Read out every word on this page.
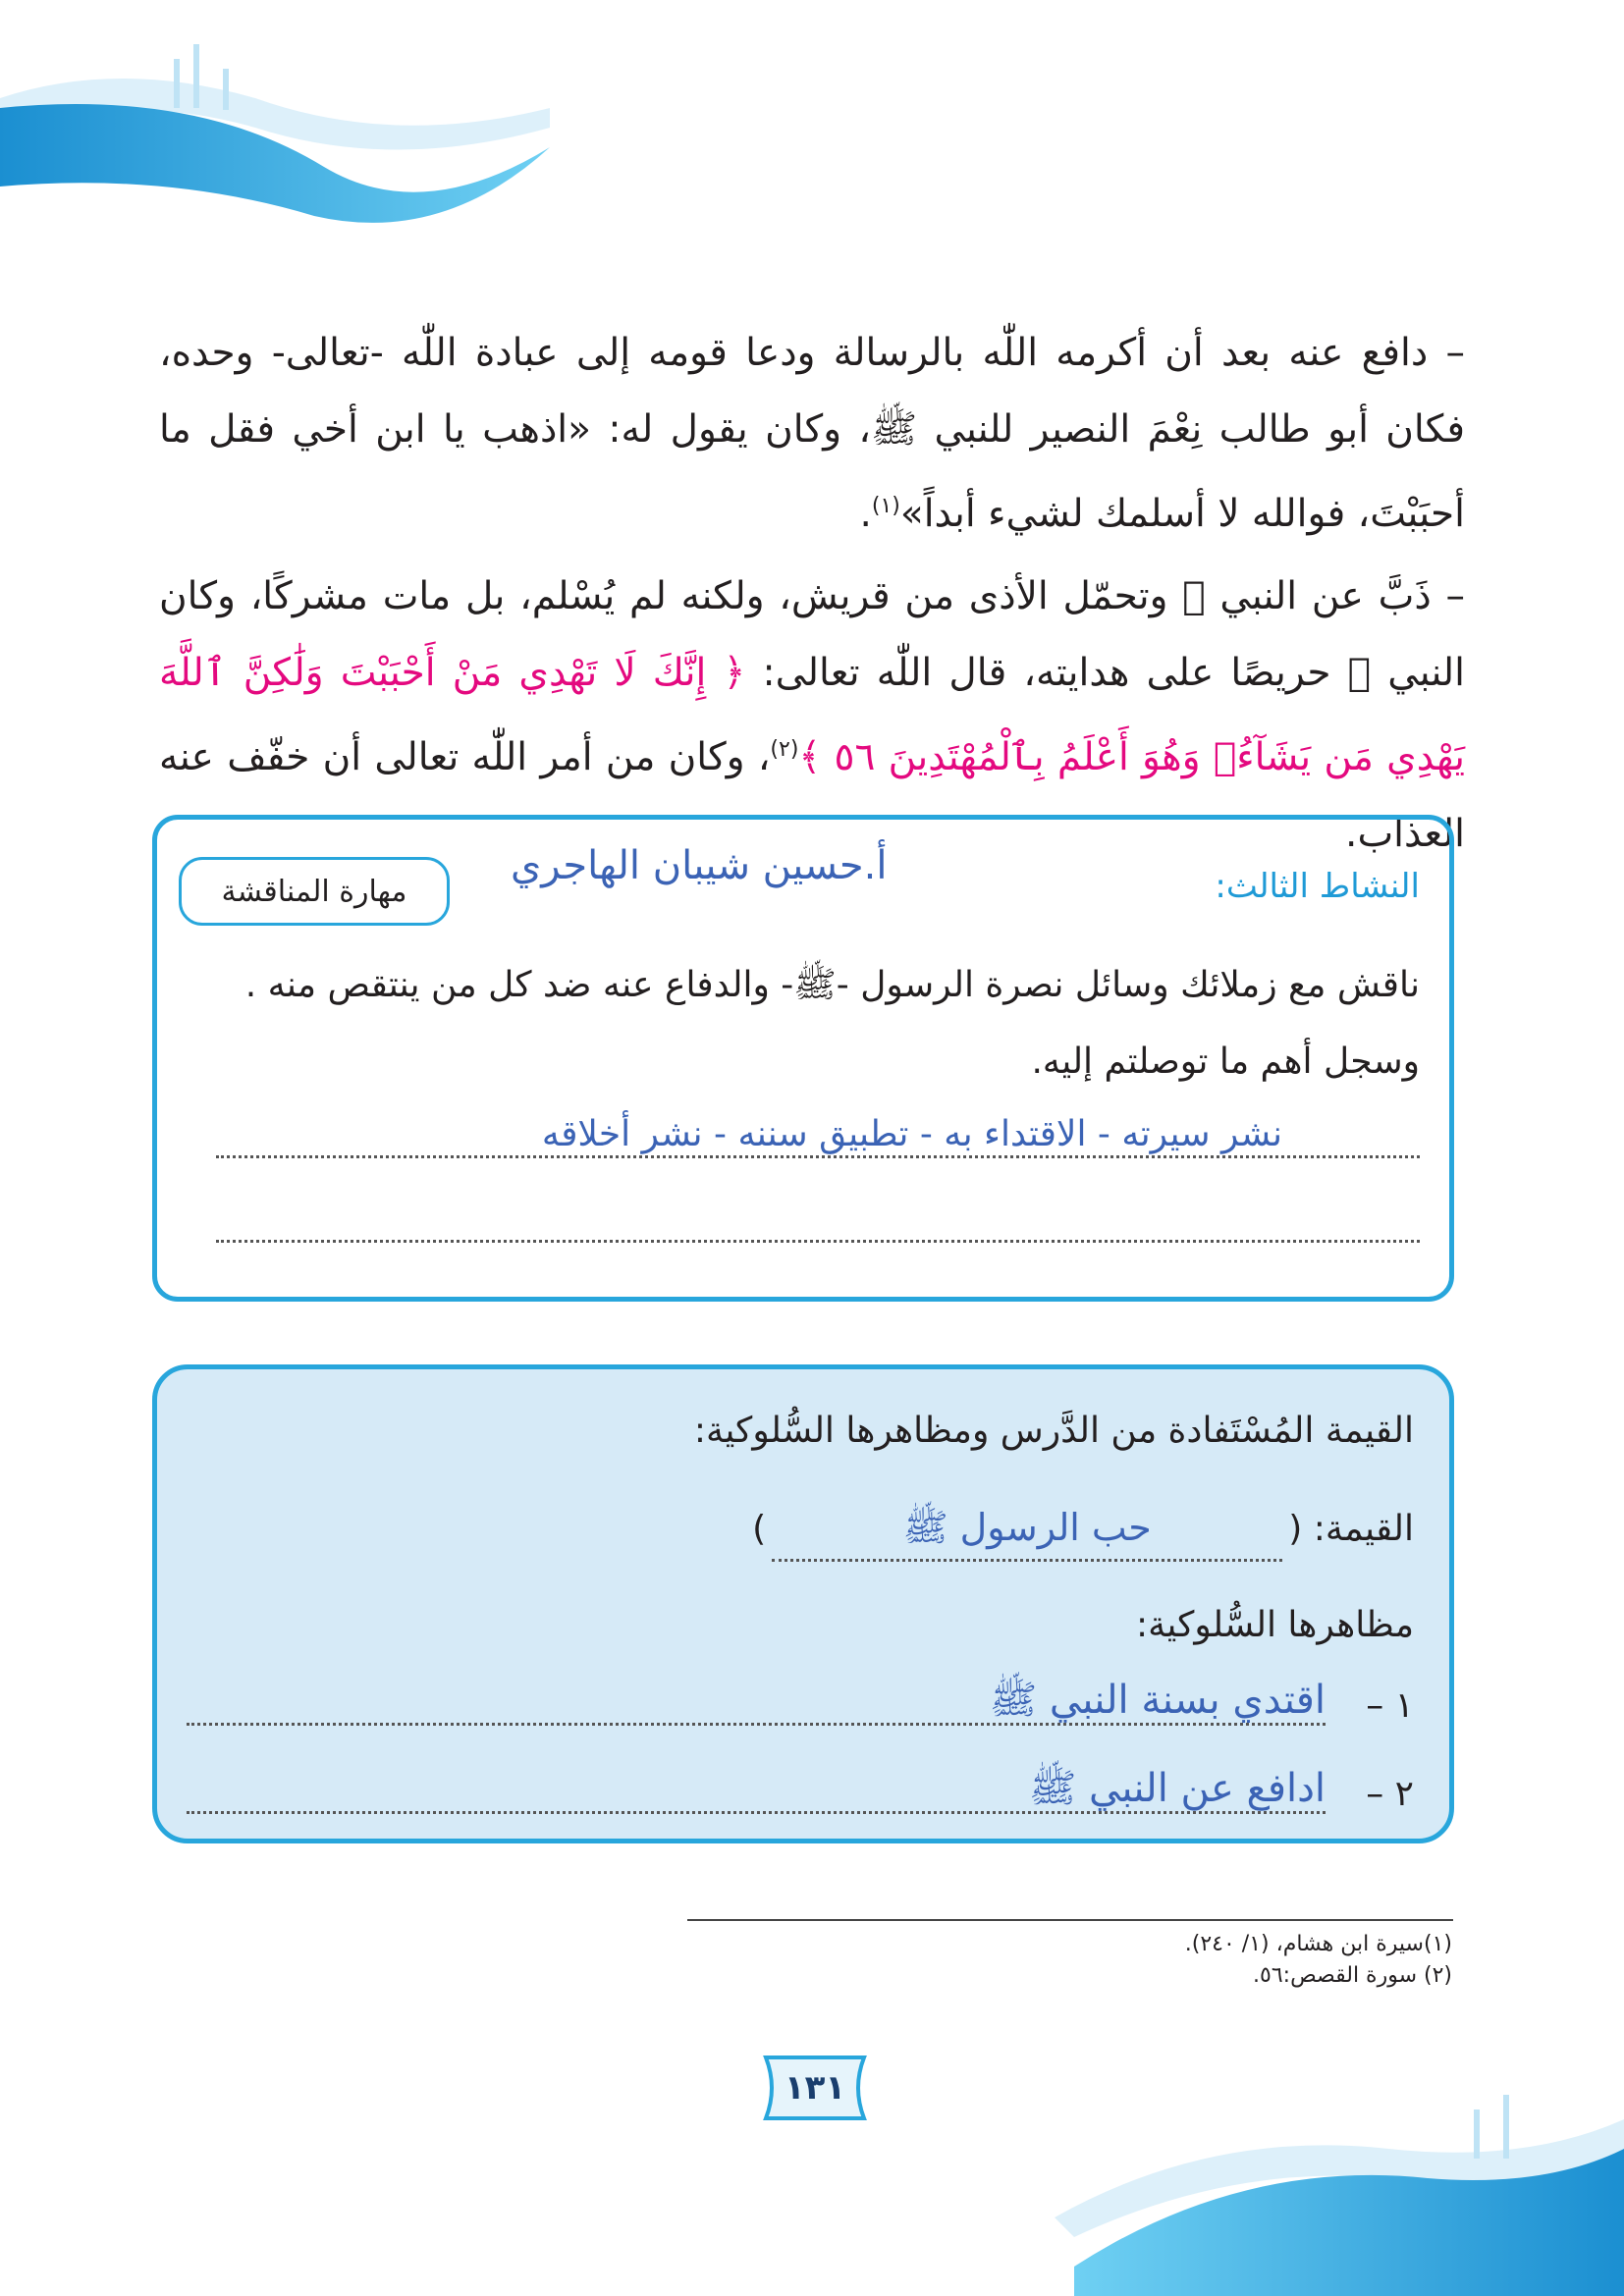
– دافع عنه بعد أن أكرمه اللّٰه بالرسالة ودعا قومه إلى عبادة اللّٰه -تعالى- وحده، فكان أبو طالب نِعْمَ النصير للنبي ﷺ، وكان يقول له: «اذهب يا ابن أخي فقل ما أحبَبْتَ، فوالله لا أسلمك لشيء أبداً»$^{(١)}$.

– ذَبَّ عن النبي ﷺ وتحمّل الأذى من قريش، ولكنه لم يُسْلم، بل مات مشركًا، وكان النبي ﷺ حريصًا على هدايته، قال اللّٰه تعالى: ﴿ إِنَّكَ لَا تَهْدِي مَنْ أَحْبَبْتَ وَلَٰكِنَّ ٱللَّهَ يَهْدِي مَن يَشَآءُۚ وَهُوَ أَعْلَمُ بِٱلْمُهْتَدِينَ ٥٦ ﴾$^{(٢)}$، وكان من أمر اللّٰه تعالى أن خفّف عنه العذاب.

النشاط الثالث:
أ.حسين شيبان الهاجري
مهارة المناقشة
ناقش مع زملائك وسائل نصرة الرسول -ﷺ- والدفاع عنه ضد كل من ينتقص منه .
وسجل أهم ما توصلتم إليه.
نشر سيرته - الاقتداء به - تطبيق سننه - نشر أخلاقه
القيمة المُسْتَفادة من الدَّرس ومظاهرها السُّلوكية:
القيمة: (حب الرسول ﷺ)
مظاهرها السُّلوكية:
١ –
اقتدي بسنة النبي ﷺ
٢ –
ادافع عن النبي ﷺ
(١)سيرة ابن هشام، (١/ ٢٤٠).
(٢) سورة القصص:٥٦.
١٣١
